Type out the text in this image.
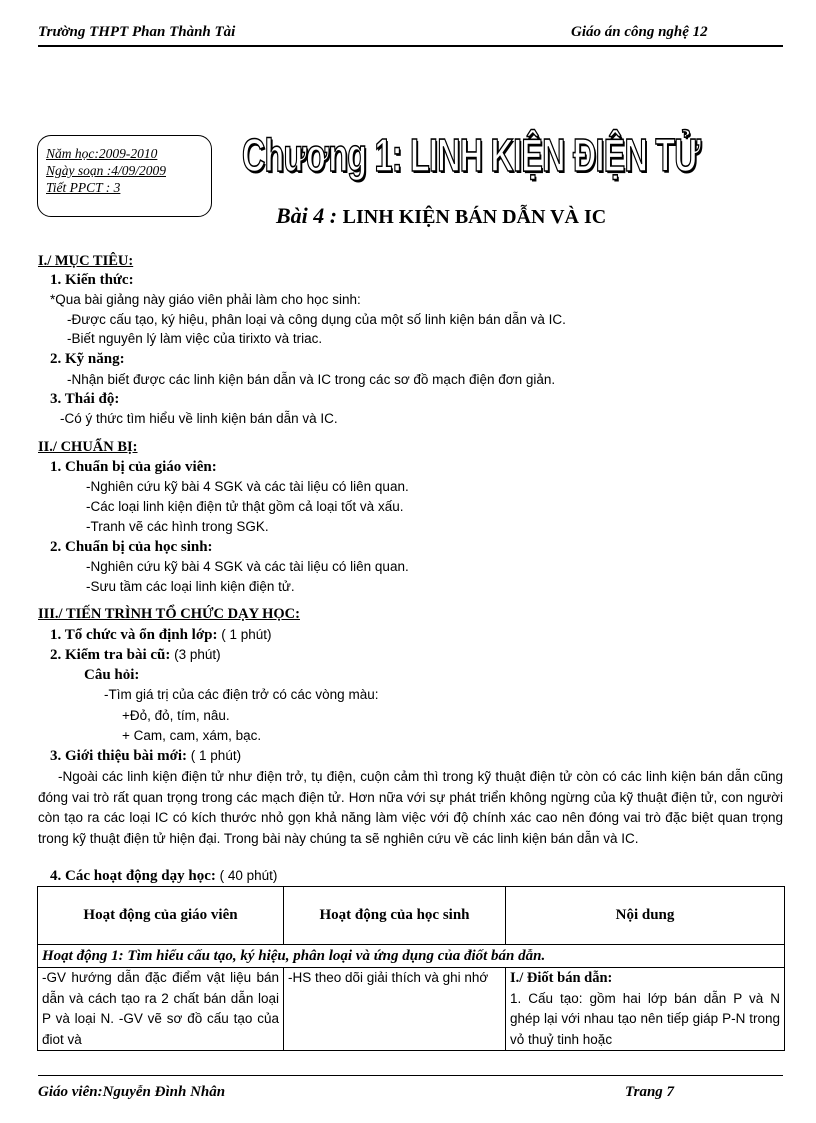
Trường THPT Phan Thành Tài	Giáo án công nghệ 12
Năm học:2009-2010
Ngày soạn :4/09/2009
Tiết PPCT : 3
Chương 1: LINH KIỆN ĐIỆN TỬ
Bài 4 : LINH KIỆN BÁN DẪN VÀ IC
I./ MỤC TIÊU:
1. Kiến thức:
*Qua bài giảng này giáo viên phải làm cho học sinh:
-Được cấu tạo, ký hiệu, phân loại và công dụng của một số linh kiện bán dẫn và IC.
-Biết nguyên lý làm việc của tirixto và triac.
2. Kỹ năng:
-Nhận biết được các linh kiện bán dẫn và IC trong các sơ đồ mạch điện đơn giản.
3. Thái độ:
-Có ý thức tìm hiểu về linh kiện bán dẫn và IC.
II./ CHUẨN BỊ:
1. Chuẩn bị của giáo viên:
-Nghiên cứu kỹ bài 4 SGK và các tài liệu có liên quan.
-Các loại linh kiện điện tử thật gồm cả loại tốt và xấu.
-Tranh vẽ các hình trong SGK.
2. Chuẩn bị của học sinh:
-Nghiên cứu kỹ bài 4 SGK và các tài liệu có liên quan.
-Sưu tầm các loại linh kiện điện tử.
III./ TIẾN TRÌNH TỔ CHỨC DẠY HỌC:
1. Tổ chức và ổn định lớp: ( 1 phút)
2. Kiểm tra bài cũ: (3 phút)
Câu hỏi:
-Tìm giá trị của các điện trở có các vòng màu:
+Đỏ, đỏ, tím, nâu.
+ Cam, cam, xám, bạc.
3. Giới thiệu bài mới: ( 1 phút)
-Ngoài các linh kiện điện tử như điện trở, tụ điện, cuộn cảm thì trong kỹ thuật điện tử còn có các linh kiện bán dẫn cũng đóng vai trò rất quan trọng trong các mạch điện tử. Hơn nữa với sự phát triển không ngừng của kỹ thuật điện tử, con người còn tạo ra các loại IC có kích thước nhỏ gọn khả năng làm việc với độ chính xác cao nên đóng vai trò đặc biệt quan trọng trong kỹ thuật điện tử hiện đại. Trong bài này chúng ta sẽ nghiên cứu về các linh kiện bán dẫn và IC.
4. Các hoạt động dạy học: ( 40 phút)
Hoạt động của giáo viên	Hoạt động của học sinh	Nội dung
Hoạt động 1: Tìm hiểu cấu tạo, ký hiệu, phân loại và ứng dụng của điốt bán dẫn.		
-GV hướng dẫn đặc điểm vật liệu bán dẫn và cách tạo ra 2 chất bán dẫn loại P và loại N. -GV vẽ sơ đồ cấu tạo của điot và	-HS theo dõi giải thích và ghi nhớ	I./ Điốt bán dẫn:
1. Cấu tạo: gồm hai lớp bán dẫn P và N ghép lại với nhau tạo nên tiếp giáp P-N trong vỏ thuỷ tinh hoặc
Giáo viên:Nguyễn Đình Nhân	Trang 7
